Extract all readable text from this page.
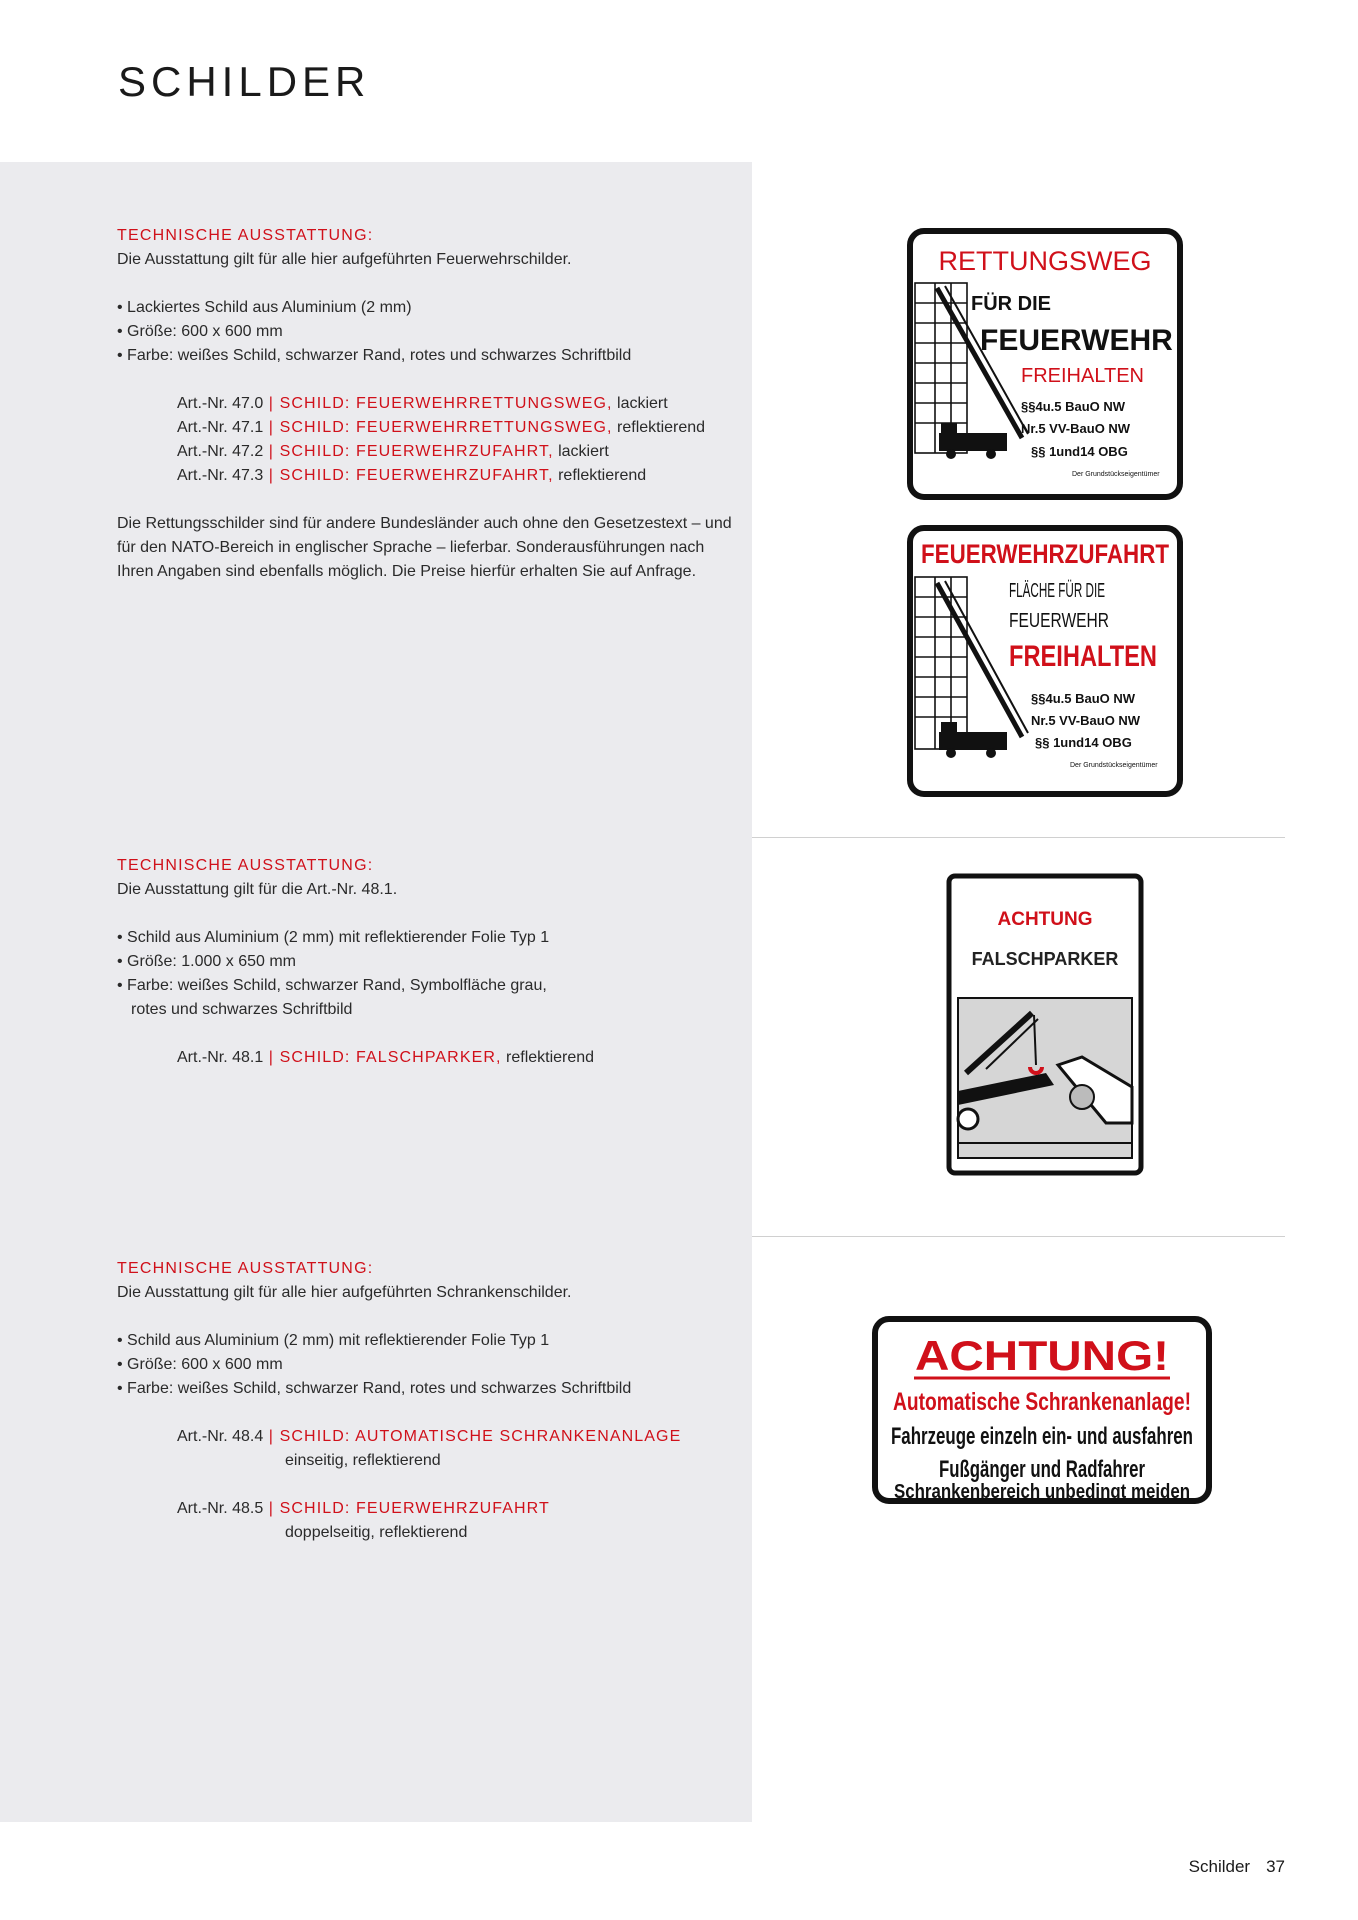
SCHILDER
TECHNISCHE AUSSTATTUNG:
Die Ausstattung gilt für alle hier aufgeführten Feuerwehrschilder.
• Lackiertes Schild aus Aluminium (2 mm)
• Größe: 600 x 600 mm
• Farbe: weißes Schild, schwarzer Rand, rotes und schwarzes Schriftbild
Art.-Nr. 47.0 | SCHILD: FEUERWEHRRETTUNGSWEG, lackiert
Art.-Nr. 47.1 | SCHILD: FEUERWEHRRETTUNGSWEG, reflektierend
Art.-Nr. 47.2 | SCHILD: FEUERWEHRZUFAHRT, lackiert
Art.-Nr. 47.3 | SCHILD: FEUERWEHRZUFAHRT, reflektierend
Die Rettungsschilder sind für andere Bundesländer auch ohne den Gesetzestext – und
für den NATO-Bereich in englischer Sprache – lieferbar. Sonderausführungen nach
Ihren Angaben sind ebenfalls möglich. Die Preise hierfür erhalten Sie auf Anfrage.
TECHNISCHE AUSSTATTUNG:
Die Ausstattung gilt für die Art.-Nr. 48.1.
• Schild aus Aluminium (2 mm) mit reflektierender Folie Typ 1
• Größe: 1.000 x 650 mm
• Farbe: weißes Schild, schwarzer Rand, Symbolfläche grau,
rotes und schwarzes Schriftbild
Art.-Nr. 48.1 | SCHILD: FALSCHPARKER, reflektierend
TECHNISCHE AUSSTATTUNG:
Die Ausstattung gilt für alle hier aufgeführten Schrankenschilder.
• Schild aus Aluminium (2 mm) mit reflektierender Folie Typ 1
• Größe: 600 x 600 mm
• Farbe: weißes Schild, schwarzer Rand, rotes und schwarzes Schriftbild
Art.-Nr. 48.4 | SCHILD: AUTOMATISCHE SCHRANKENANLAGE
einseitig, reflektierend
Art.-Nr. 48.5 | SCHILD: FEUERWEHRZUFAHRT
doppelseitig, reflektierend
RETTUNGSWEG
FÜR DIE
FEUERWEHR
FREIHALTEN
§§4u.5 BauO NW
Nr.5 VV-BauO NW
§§ 1und14 OBG
Der Grundstückseigentümer
FEUERWEHRZUFAHRT
FLÄCHE FÜR DIE
FEUERWEHR
FREIHALTEN
§§4u.5 BauO NW
Nr.5 VV-BauO NW
§§ 1und14 OBG
Der Grundstückseigentümer
ACHTUNG
FALSCHPARKER
ACHTUNG!
Automatische Schrankenanlage!
Fahrzeuge einzeln ein- und ausfahren
Fußgänger und Radfahrer
Schrankenbereich unbedingt meiden
Schilder 37
